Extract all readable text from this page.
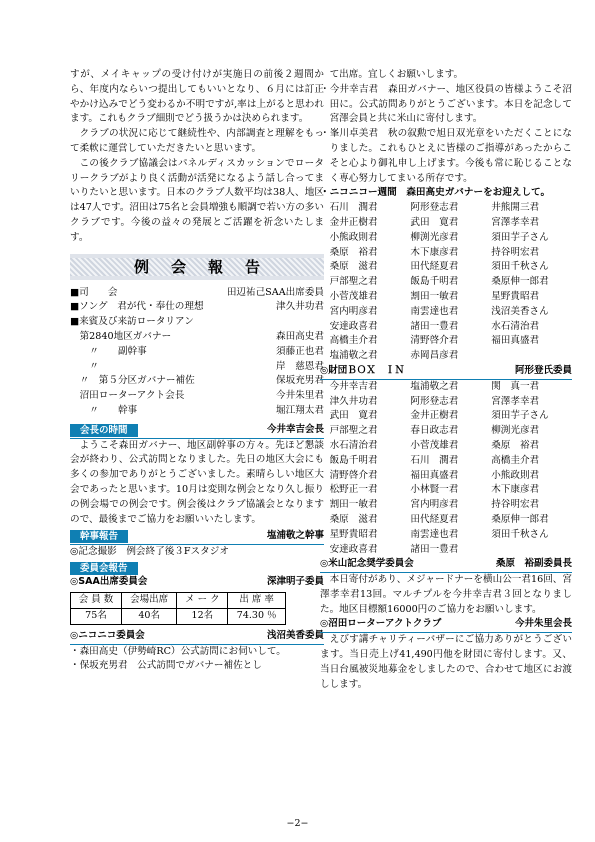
すが、メイキャップの受け付けが実施日の前後２週間から、年度内ならいつ提出してもいいとなり、６月には訂正やかけ込みでどう変わるか不明ですが,率は上がると思われます。これもクラブ細則でどう扱うかは決められます。

クラブの状況に応じて継続性や、内部調査と理解をもって柔軟に運営していただきたいと思います。

この後クラブ協議会はパネルディスカッションでロータリークラブがより良く活動が活発になるよう話し合ってまいりたいと思います。日本のクラブ人数平均は38人、地区は47人です。沼田は75名と会員増強も順調で若い方の多いクラブです。今後の益々の発展とご活躍を祈念いたします。

例会報告
■司　　会	田辺祐己SAA出席委員
■ソング　君が代・奉仕の理想	津久井功君
■来賓及び来訪ロータリアン
第2840地区ガバナー	森田高史君
〃　　副幹事	須藤正也君
〃	岸　慈恩君
〃　第５分区ガバナー補佐	保坂充男君
沼田ローターアクト会長	今井朱里君
〃　　幹事	堀江翔太君
会長の時間	今井幸吉会長

ようこそ森田ガバナー、地区副幹事の方々。先ほど懇談会が終わり、公式訪問となりました。先日の地区大会にも多くの参加でありがとうございました。素晴らしい地区大会であったと思います。10月は変則な例会となり久し振りの例会場での例会です。例会後はクラブ協議会となりますので、最後までご協力をお願いいたします。

幹事報告	塩浦敬之幹事

◎記念撮影　例会終了後３Fスタジオ

委員会報告
◎SAA出席委員会	深津明子委員
会 員 数	会場出席	メ ー ク	出 席 率
75名	40名	12名	74.30 ％
◎ニコニコ委員会	浅沼美香委員

・森田高史（伊勢崎RC）公式訪問にお伺いして。

・保坂充男君　公式訪問でガバナー補佐とし

て出席。宜しくお願いします。

・今井幸吉君　森田ガバナー、地区役員の皆様ようこそ沼田に。公式訪問ありがとうございます。本日を記念して宮澤会員と共に米山に寄付します。

・峯川卓美君　秋の叙勲で旭日双光章をいただくことになりました。これもひとえに皆様のご指導があったからこそと心より御礼申し上げます。今後も常に恥じることなく専心努力してまいる所存です。

・ニコニコー週間　森田高史ガバナーをお迎えして。

石川　潤君	阿形登志君	井熊開三君
金井正樹君	武田　寛君	宮澤孝幸君
小熊政則君	柳渕光彦君	須田芋子さん
桑原　裕君	木下康彦君	持谷明宏君
桑原　滋君	田代経夏君	須田千秋さん
戸部聖之君	飯島千明君	桑原伸一郎君
小菅茂雄君	割田一敏君	星野貴昭君
宮内明彦君	南雲達也君	浅沼美香さん
安達政喜君	諸田一豊君	水石清治君
高橋圭介君	清野啓介君	福田真盛君
塩浦敬之君	赤岡昌彦君
◎財団ＢＯＸ　ＩＮ	阿形登氏委員
今井幸吉君	塩浦敬之君	関　真一君
津久井功君	阿形登志君	宮澤孝幸君
武田　寛君	金井正樹君	須田芋子さん
戸部聖之君	春日政志君	柳渕光彦君
水石清治君	小菅茂雄君	桑原　裕君
飯島千明君	石川　潤君	高橋圭介君
清野啓介君	福田真盛君	小熊政則君
松野正一君	小林賢一君	木下康彦君
割田一敏君	宮内明彦君	持谷明宏君
桑原　滋君	田代経夏君	桑原伸一郎君
星野貴昭君	南雲達也君	須田千秋さん
安達政喜君	諸田一豊君
◎米山記念奨学委員会	桑原　裕副委員長

本日寄付があり、メジャードナーを横山公一君16回、宮澤孝幸君13回。マルチプルを今井幸吉君３回となりました。地区目標額16000円のご協力をお願いします。

◎沼田ローターアクトクラブ	今井朱里会長

えびす講チャリティーバザーにご協力ありがとうございます。当日売上げ41,490円他を財団に寄付します。又、当日台風被災地募金をしましたので、合わせて地区にお渡しします。

−2−
